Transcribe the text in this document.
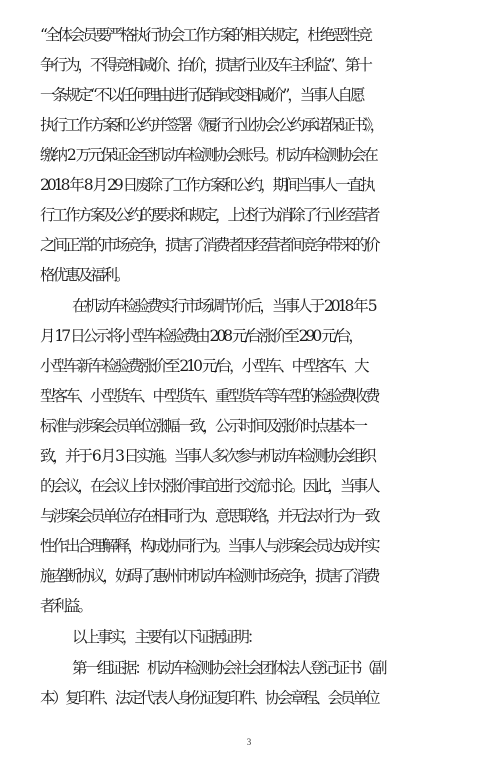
“全体会员要严格执行协会工作方案的相关规定，杜绝恶性竞
争行为，不得竞相减价、抬价，损害行业及车主利益”、第十
一条规定“不以任何理由进行促销或变相减价”，当事人自愿
执行工作方案和公约并签署《履行行业协会公约承诺保证书》，
缴纳 2 万元保证金至机动车检测协会账号。机动车检测协会在
2018 年 8 月 29 日废除了工作方案和公约，期间当事人一直执
行工作方案及公约的要求和规定，上述行为消除了行业经营者
之间正常的市场竞争，损害了消费者因经营者间竞争带来的价
格优惠及福利。
在机动车检验费实行市场调节价后，当事人于 2018 年 5
月 17 日公示将小型车检验费由 208 元/台涨价至 290 元/台，
小型车新车检验费涨价至 210 元/台，小型车、中型客车、大
型客车、小型货车、中型货车、重型货车等车型的检验费收费
标准与涉案会员单位涨幅一致，公示时间及涨价时点基本一
致，并于 6 月 3 日实施。当事人多次参与机动车检测协会组织
的会议，在会议上针对涨价事宜进行交流讨论。因此，当事人
与涉案会员单位存在相同行为、意思联络，并无法对行为一致
性作出合理解释，构成协同行为。当事人与涉案会员达成并实
施垄断协议，妨碍了惠州市机动车检测市场竞争，损害了消费
者利益。
以上事实，主要有以下证据证明：
第一组证据：机动车检测协会社会团体法人登记证书（副
本）复印件、法定代表人身份证复印件、协会章程、会员单位
3
